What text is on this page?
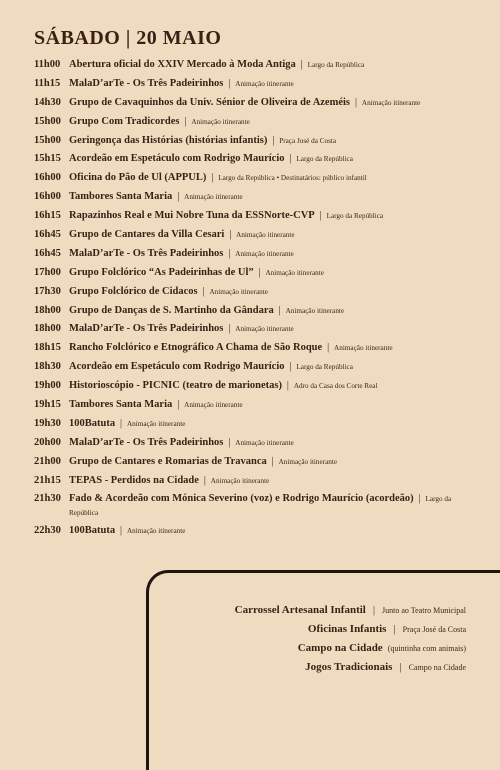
SÁBADO | 20 MAIO
11h00 Abertura oficial do XXIV Mercado à Moda Antiga | Largo da República
11h15 MalaD’arTe - Os Três Padeirinhos | Animação itinerante
14h30 Grupo de Cavaquinhos da Univ. Sénior de Oliveira de Azeméis | Animação itinerante
15h00 Grupo Com Tradicordes | Animação itinerante
15h00 Geringonça das Histórias (histórias infantis) | Praça José da Costa
15h15 Acordeão em Espetáculo com Rodrigo Maurício | Largo da República
16h00 Oficina do Pão de Ul (APPUL) | Largo da República • Destinatários: público infantil
16h00 Tambores Santa Maria | Animação itinerante
16h15 Rapazinhos Real e Mui Nobre Tuna da ESSNorte-CVP | Largo da República
16h45 Grupo de Cantares da Villa Cesari | Animação itinerante
16h45 MalaD’arTe - Os Três Padeirinhos | Animação itinerante
17h00 Grupo Folclórico “As Padeirinhas de Ul” | Animação itinerante
17h30 Grupo Folclórico de Cidacos | Animação itinerante
18h00 Grupo de Danças de S. Martinho da Gândara | Animação itinerante
18h00 MalaD’arTe - Os Três Padeirinhos | Animação itinerante
18h15 Rancho Folclórico e Etnográfico A Chama de São Roque | Animação itinerante
18h30 Acordeão em Espetáculo com Rodrigo Maurício | Largo da República
19h00 Historioscópio - PICNIC (teatro de marionetas) | Adro da Casa dos Corte Real
19h15 Tambores Santa Maria | Animação itinerante
19h30 100Batuta | Animação itinerante
20h00 MalaD’arTe - Os Três Padeirinhos | Animação itinerante
21h00 Grupo de Cantares e Romarias de Travanca | Animação itinerante
21h15 TEPAS - Perdidos na Cidade | Animação itinerante
21h30 Fado & Acordeão com Mónica Severino (voz) e Rodrigo Maurício (acordeão) | Largo da República
22h30 100Batuta | Animação itinerante
Carrossel Artesanal Infantil | Junto ao Teatro Municipal
Oficinas Infantis | Praça José da Costa
Campo na Cidade (quintinha com animais)
Jogos Tradicionais | Campo na Cidade
